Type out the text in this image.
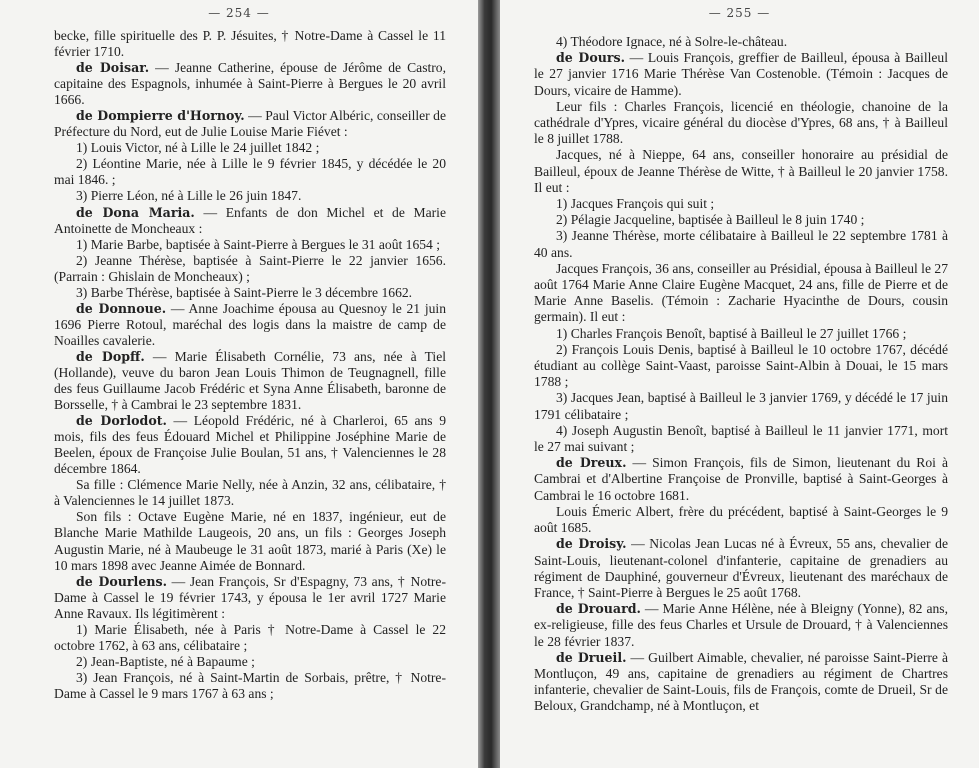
— 254 —

becke, fille spirituelle des P. P. Jésuites, † Notre-Dame à Cassel le 11 février 1710.

de Doisar. — Jeanne Catherine, épouse de Jérôme de Castro, capitaine des Espagnols, inhumée à Saint-Pierre à Bergues le 20 avril 1666.

de Dompierre d'Hornoy. — Paul Victor Albéric, conseiller de Préfecture du Nord, eut de Julie Louise Marie Fiévet :

1) Louis Victor, né à Lille le 24 juillet 1842 ;

2) Léontine Marie, née à Lille le 9 février 1845, y décédée le 20 mai 1846. ;

3) Pierre Léon, né à Lille le 26 juin 1847.

de Dona Maria. — Enfants de don Michel et de Marie Antoinette de Moncheaux :

1) Marie Barbe, baptisée à Saint-Pierre à Bergues le 31 août 1654 ;

2) Jeanne Thérèse, baptisée à Saint-Pierre le 22 janvier 1656. (Parrain : Ghislain de Moncheaux) ;

3) Barbe Thérèse, baptisée à Saint-Pierre le 3 décembre 1662.

de Donnoue. — Anne Joachime épousa au Quesnoy le 21 juin 1696 Pierre Rotoul, maréchal des logis dans la maistre de camp de Noailles cavalerie.

de Dopff. — Marie Élisabeth Cornélie, 73 ans, née à Tiel (Hollande), veuve du baron Jean Louis Thimon de Teugnagnell, fille des feus Guillaume Jacob Frédéric et Syna Anne Élisabeth, baronne de Borsselle, † à Cambrai le 23 septembre 1831.

de Dorlodot. — Léopold Frédéric, né à Charleroi, 65 ans 9 mois, fils des feus Édouard Michel et Philippine Joséphine Marie de Beelen, époux de Françoise Julie Boulan, 51 ans, † Valenciennes le 28 décembre 1864.

Sa fille : Clémence Marie Nelly, née à Anzin, 32 ans, célibataire, † à Valenciennes le 14 juillet 1873.

Son fils : Octave Eugène Marie, né en 1837, ingénieur, eut de Blanche Marie Mathilde Laugeois, 20 ans, un fils : Georges Joseph Augustin Marie, né à Maubeuge le 31 août 1873, marié à Paris (Xe) le 10 mars 1898 avec Jeanne Aimée de Bonnard.

de Dourlens. — Jean François, Sr d'Espagny, 73 ans, † Notre-Dame à Cassel le 19 février 1743, y épousa le 1er avril 1727 Marie Anne Ravaux. Ils légitimèrent :

1) Marie Élisabeth, née à Paris † Notre-Dame à Cassel le 22 octobre 1762, à 63 ans, célibataire ;

2) Jean-Baptiste, né à Bapaume ;

3) Jean François, né à Saint-Martin de Sorbais, prêtre, † Notre-Dame à Cassel le 9 mars 1767 à 63 ans ;

— 255 —

4) Théodore Ignace, né à Solre-le-château.

de Dours. — Louis François, greffier de Bailleul, épousa à Bailleul le 27 janvier 1716 Marie Thérèse Van Costenoble. (Témoin : Jacques de Dours, vicaire de Hamme).

Leur fils : Charles François, licencié en théologie, chanoine de la cathédrale d'Ypres, vicaire général du diocèse d'Ypres, 68 ans, † à Bailleul le 8 juillet 1788.

Jacques, né à Nieppe, 64 ans, conseiller honoraire au présidial de Bailleul, époux de Jeanne Thérèse de Witte, † à Bailleul le 20 janvier 1758. Il eut :

1) Jacques François qui suit ;

2) Pélagie Jacqueline, baptisée à Bailleul le 8 juin 1740 ;

3) Jeanne Thérèse, morte célibataire à Bailleul le 22 septembre 1781 à 40 ans.

Jacques François, 36 ans, conseiller au Présidial, épousa à Bailleul le 27 août 1764 Marie Anne Claire Eugène Macquet, 24 ans, fille de Pierre et de Marie Anne Baselis. (Témoin : Zacharie Hyacinthe de Dours, cousin germain). Il eut :

1) Charles François Benoît, baptisé à Bailleul le 27 juillet 1766 ;

2) François Louis Denis, baptisé à Bailleul le 10 octobre 1767, décédé étudiant au collège Saint-Vaast, paroisse Saint-Albin à Douai, le 15 mars 1788 ;

3) Jacques Jean, baptisé à Bailleul le 3 janvier 1769, y décédé le 17 juin 1791 célibataire ;

4) Joseph Augustin Benoît, baptisé à Bailleul le 11 janvier 1771, mort le 27 mai suivant ;

de Dreux. — Simon François, fils de Simon, lieutenant du Roi à Cambrai et d'Albertine Françoise de Pronville, baptisé à Saint-Georges à Cambrai le 16 octobre 1681.

Louis Émeric Albert, frère du précédent, baptisé à Saint-Georges le 9 août 1685.

de Droisy. — Nicolas Jean Lucas né à Évreux, 55 ans, chevalier de Saint-Louis, lieutenant-colonel d'infanterie, capitaine de grenadiers au régiment de Dauphiné, gouverneur d'Évreux, lieutenant des maréchaux de France, † Saint-Pierre à Bergues le 25 août 1768.

de Drouard. — Marie Anne Hélène, née à Bleigny (Yonne), 82 ans, ex-religieuse, fille des feus Charles et Ursule de Drouard, † à Valenciennes le 28 février 1837.

de Drueil. — Guilbert Aimable, chevalier, né paroisse Saint-Pierre à Montluçon, 49 ans, capitaine de grenadiers au régiment de Chartres infanterie, chevalier de Saint-Louis, fils de François, comte de Drueil, Sr de Beloux, Grandchamp, né à Montluçon, et
